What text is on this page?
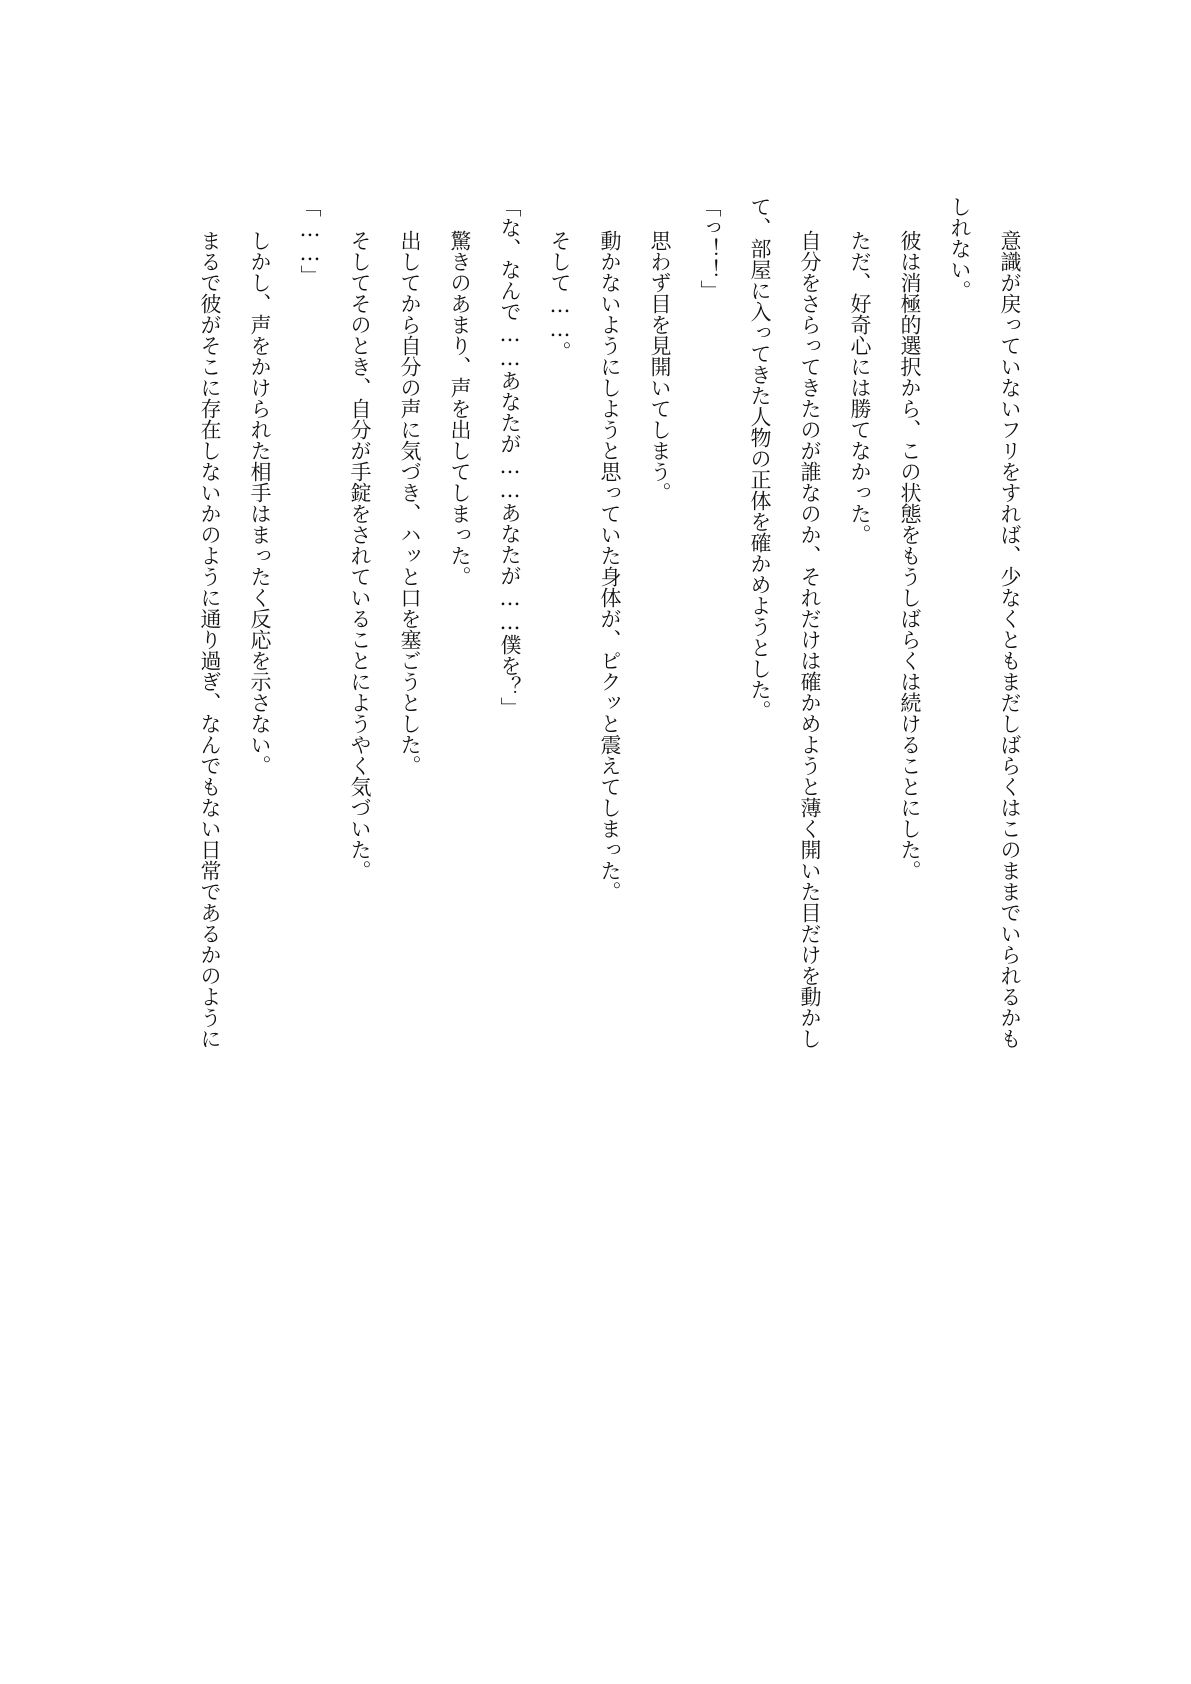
意識が戻っていないフリをすれば、少なくともまだしばらくはこのままでいられるかも
しれない。
彼は消極的選択から、この状態をもうしばらくは続けることにした。
ただ、好奇心には勝てなかった。
自分をさらってきたのが誰なのか、それだけは確かめようと薄く開いた目だけを動かし
て、部屋に入ってきた人物の正体を確かめようとした。
「っ！！」
思わず目を見開いてしまう。
動かないようにしようと思っていた身体が、ピクッと震えてしまった。
そして……。
「な、なんで……あなたが……あなたが……僕を？」
驚きのあまり、声を出してしまった。
出してから自分の声に気づき、ハッと口を塞ごうとした。
そしてそのとき、自分が手錠をされていることにようやく気づいた。
「……」
しかし、声をかけられた相手はまったく反応を示さない。
まるで彼がそこに存在しないかのように通り過ぎ、なんでもない日常であるかのように
